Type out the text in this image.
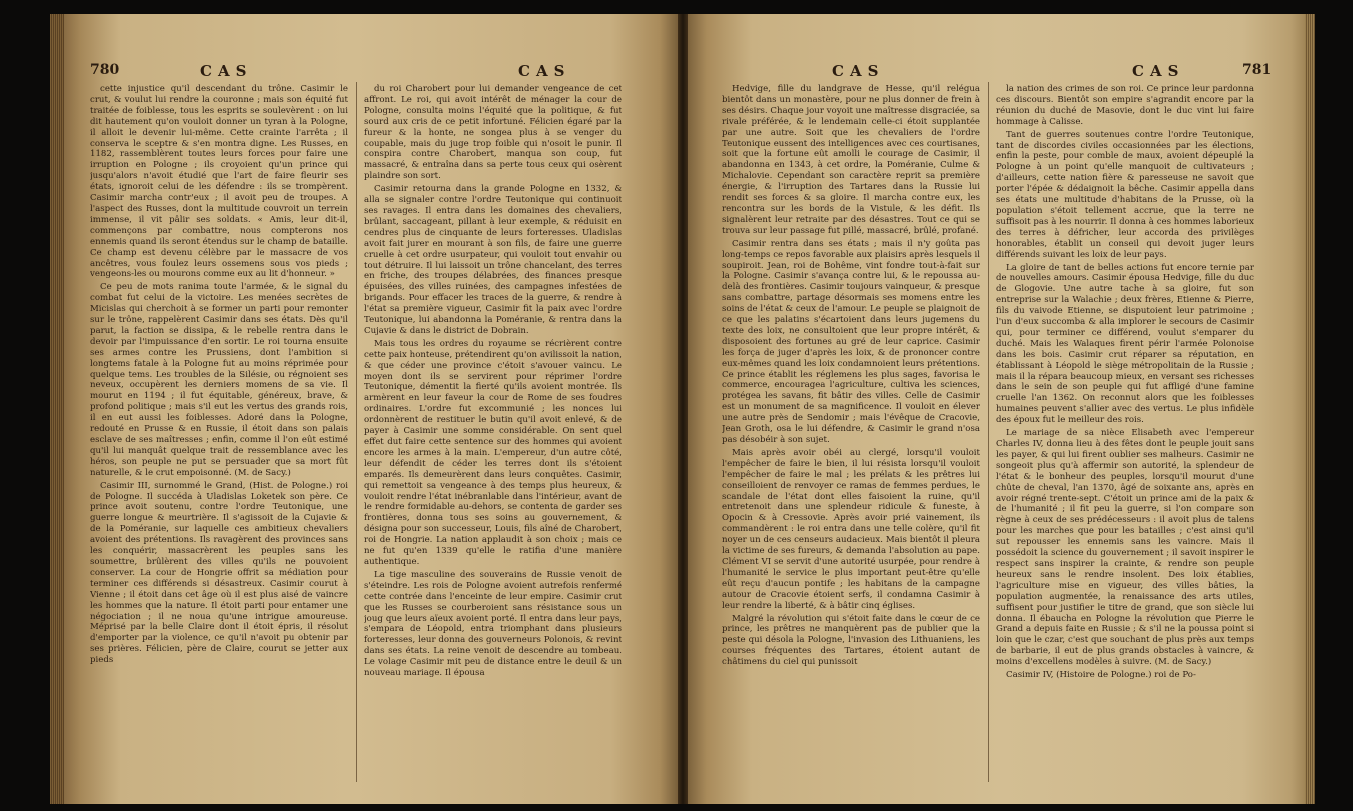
780	CAS	CAS

cette injustice qu'il descendant du trône. Casimir le crut, & voulut lui rendre la couronne ; mais son équité fut traitée de foiblesse, tous les esprits se soulevèrent : on lui dit hautement qu'on vouloit donner un tyran à la Pologne, il alloit le devenir lui-même. Cette crainte l'arrêta ; il conserva le sceptre & s'en montra digne. Les Russes, en 1182, rassemblèrent toutes leurs forces pour faire une irruption en Pologne ; ils croyoient qu'un prince qui jusqu'alors n'avoit étudié que l'art de faire fleurir ses états, ignoroit celui de les défendre : ils se trompèrent. Casimir marcha contr'eux ; il avoit peu de troupes. A l'aspect des Russes, dont la multitude couvroit un terrein immense, il vit pâlir ses soldats. « Amis, leur dit-il, commençons par combattre, nous compterons nos ennemis quand ils seront étendus sur le champ de bataille. Ce champ est devenu célèbre par le massacre de vos ancêtres, vous foulez leurs ossemens sous vos pieds ; vengeons-les ou mourons comme eux au lit d'honneur. »

Ce peu de mots ranima toute l'armée, & le signal du combat fut celui de la victoire. Les menées secrètes de Micislas qui cherchoit à se former un parti pour remonter sur le trône, rappelèrent Casimir dans ses états. Dès qu'il parut, la faction se dissipa, & le rebelle rentra dans le devoir par l'impuissance d'en sortir. Le roi tourna ensuite ses armes contre les Prussiens, dont l'ambition si longtems fatale à la Pologne fut au moins réprimée pour quelque tems. Les troubles de la Silésie, ou régnoient ses neveux, occupèrent les derniers momens de sa vie. Il mourut en 1194 ; il fut équitable, généreux, brave, & profond politique ; mais s'il eut les vertus des grands rois, il en eut aussi les foiblesses. Adoré dans la Pologne, redouté en Prusse & en Russie, il étoit dans son palais esclave de ses maîtresses ; enfin, comme il l'on eût estimé qu'il lui manquât quelque trait de ressemblance avec les héros, son peuple ne put se persuader que sa mort fût naturelle, & le crut empoisonné. (M. de Sacy.)

Casimir III, surnommé le Grand, (Hist. de Pologne.) roi de Pologne. Il succéda à Uladislas Loketek son père. Ce prince avoit soutenu, contre l'ordre Teutonique, une guerre longue & meurtrière. Il s'agissoit de la Cujavie & de la Poméranie, sur laquelle ces ambitieux chevaliers avoient des prétentions. Ils ravagèrent des provinces sans les conquérir, massacrèrent les peuples sans les soumettre, brûlèrent des villes qu'ils ne pouvoient conserver. La cour de Hongrie offrit sa médiation pour terminer ces différends si désastreux. Casimir courut à Vienne ; il étoit dans cet âge où il est plus aisé de vaincre les hommes que la nature. Il étoit parti pour entamer une négociation ; il ne noua qu'une intrigue amoureuse. Méprisé par la belle Claire dont il étoit épris, il résolut d'emporter par la violence, ce qu'il n'avoit pu obtenir par ses prières. Félicien, père de Claire, courut se jetter aux pieds

du roi Charobert pour lui demander vengeance de cet affront. Le roi, qui avoit intérêt de ménager la cour de Pologne, consulta moins l'équité que la politique, & fut sourd aux cris de ce petit infortuné. Félicien égaré par la fureur & la honte, ne songea plus à se venger du coupable, mais du juge trop foible qui n'osoit le punir. Il conspira contre Charobert, manqua son coup, fut massacré, & entraîna dans sa perte tous ceux qui osèrent plaindre son sort.

Casimir retourna dans la grande Pologne en 1332, & alla se signaler contre l'ordre Teutonique qui continuoit ses ravages. Il entra dans les domaines des chevaliers, brûlant, saccageant, pillant à leur exemple, & réduisit en cendres plus de cinquante de leurs forteresses. Uladislas avoit fait jurer en mourant à son fils, de faire une guerre cruelle à cet ordre usurpateur, qui vouloit tout envahir ou tout détruire. Il lui laissoit un trône chancelant, des terres en friche, des troupes délabrées, des finances presque épuisées, des villes ruinées, des campagnes infestées de brigands. Pour effacer les traces de la guerre, & rendre à l'état sa première vigueur, Casimir fit la paix avec l'ordre Teutonique, lui abandonna la Poméranie, & rentra dans la Cujavie & dans le district de Dobrain.

Mais tous les ordres du royaume se récrièrent contre cette paix honteuse, prétendirent qu'on avilissoit la nation, & que céder une province c'étoit s'avouer vaincu. Le moyen dont ils se servirent pour réprimer l'ordre Teutonique, démentit la fierté qu'ils avoient montrée. Ils armèrent en leur faveur la cour de Rome de ses foudres ordinaires. L'ordre fut excommunié ; les nonces lui ordonnèrent de restituer le butin qu'il avoit enlevé, & de payer à Casimir une somme considérable. On sent quel effet dut faire cette sentence sur des hommes qui avoient encore les armes à la main. L'empereur, d'un autre côté, leur défendit de céder les terres dont ils s'étoient emparés. Ils demeurèrent dans leurs conquêtes. Casimir, qui remettoit sa vengeance à des temps plus heureux, & vouloit rendre l'état inébranlable dans l'intérieur, avant de le rendre formidable au-dehors, se contenta de garder ses frontières, donna tous ses soins au gouvernement, & désigna pour son successeur, Louis, fils aîné de Charobert, roi de Hongrie. La nation applaudit à son choix ; mais ce ne fut qu'en 1339 qu'elle le ratifia d'une manière authentique.

La tige masculine des souverains de Russie venoit de s'éteindre. Les rois de Pologne avoient autrefois renfermé cette contrée dans l'enceinte de leur empire. Casimir crut que les Russes se courberoient sans résistance sous un joug que leurs aïeux avoient porté. Il entra dans leur pays, s'empara de Léopold, entra triomphant dans plusieurs forteresses, leur donna des gouverneurs Polonois, & revint dans ses états. La reine venoit de descendre au tombeau. Le volage Casimir mit peu de distance entre le deuil & un nouveau mariage. Il épousa

CAS	CAS	781

Hedvige, fille du landgrave de Hesse, qu'il relégua bientôt dans un monastère, pour ne plus donner de frein à ses désirs. Chaque jour voyoit une maîtresse disgraciée, sa rivale préférée, & le lendemain celle-ci étoit supplantée par une autre. Soit que les chevaliers de l'ordre Teutonique eussent des intelligences avec ces courtisanes, soit que la fortune eût amolli le courage de Casimir, il abandonna en 1343, à cet ordre, la Poméranie, Culme & Michalovie. Cependant son caractère reprit sa première énergie, & l'irruption des Tartares dans la Russie lui rendit ses forces & sa gloire. Il marcha contre eux, les rencontra sur les bords de la Vistule, & les défit. Ils signalèrent leur retraite par des désastres. Tout ce qui se trouva sur leur passage fut pillé, massacré, brûlé, profané.

Casimir rentra dans ses états ; mais il n'y goûta pas long-temps ce repos favorable aux plaisirs après lesquels il soupiroit. Jean, roi de Bohême, vint fondre tout-à-fait sur la Pologne. Casimir s'avança contre lui, & le repoussa au-delà des frontières. Casimir toujours vainqueur, & presque sans combattre, partage désormais ses momens entre les soins de l'état & ceux de l'amour. Le peuple se plaignoit de ce que les palatins s'écartoient dans leurs jugemens du texte des loix, ne consultoient que leur propre intérêt, & disposoient des fortunes au gré de leur caprice. Casimir les força de juger d'après les loix, & de prononcer contre eux-mêmes quand les loix condamnoient leurs prétentions. Ce prince établit les réglemens les plus sages, favorisa le commerce, encouragea l'agriculture, cultiva les sciences, protégea les savans, fit bâtir des villes. Celle de Casimir est un monument de sa magnificence. Il vouloit en élever une autre près de Sendomir ; mais l'évêque de Cracovie, Jean Groth, osa le lui défendre, & Casimir le grand n'osa pas désobéir à son sujet.

Mais après avoir obéi au clergé, lorsqu'il vouloit l'empêcher de faire le bien, il lui résista lorsqu'il vouloit l'empêcher de faire le mal ; les prélats & les prêtres lui conseilloient de renvoyer ce ramas de femmes perdues, le scandale de l'état dont elles faisoient la ruine, qu'il entretenoit dans une splendeur ridicule & funeste, à Opocin & à Cressovie. Après avoir prié vainement, ils commandèrent : le roi entra dans une telle colère, qu'il fit noyer un de ces censeurs audacieux. Mais bientôt il pleura la victime de ses fureurs, & demanda l'absolution au pape. Clément VI se servit d'une autorité usurpée, pour rendre à l'humanité le service le plus important peut-être qu'elle eût reçu d'aucun pontife ; les habitans de la campagne autour de Cracovie étoient serfs, il condamna Casimir à leur rendre la liberté, & à bâtir cinq églises.

Malgré la révolution qui s'étoit faite dans le cœur de ce prince, les prêtres ne manquèrent pas de publier que la peste qui désola la Pologne, l'invasion des Lithuaniens, les courses fréquentes des Tartares, étoient autant de châtimens du ciel qui punissoit

la nation des crimes de son roi. Ce prince leur pardonna ces discours. Bientôt son empire s'agrandit encore par la réunion du duché de Masovie, dont le duc vint lui faire hommage à Calisse.

Tant de guerres soutenues contre l'ordre Teutonique, tant de discordes civiles occasionnées par les élections, enfin la peste, pour comble de maux, avoient dépeuplé la Pologne à un point qu'elle manquoit de cultivateurs ; d'ailleurs, cette nation fière & paresseuse ne savoit que porter l'épée & dédaignoit la bêche. Casimir appella dans ses états une multitude d'habitans de la Prusse, où la population s'étoit tellement accrue, que la terre ne suffisoit pas à les nourrir. Il donna à ces hommes laborieux des terres à défricher, leur accorda des privilèges honorables, établit un conseil qui devoit juger leurs différends suivant les loix de leur pays.

La gloire de tant de belles actions fut encore ternie par de nouvelles amours. Casimir épousa Hedvige, fille du duc de Glogovie. Une autre tache à sa gloire, fut son entreprise sur la Walachie ; deux frères, Etienne & Pierre, fils du vaivode Etienne, se disputoient leur patrimoine ; l'un d'eux succomba & alla implorer le secours de Casimir qui, pour terminer ce différend, voulut s'emparer du duché. Mais les Walaques firent périr l'armée Polonoise dans les bois. Casimir crut réparer sa réputation, en établissant à Léopold le siège métropolitain de la Russie ; mais il la répara beaucoup mieux, en versant ses richesses dans le sein de son peuple qui fut affligé d'une famine cruelle l'an 1362. On reconnut alors que les foiblesses humaines peuvent s'allier avec des vertus. Le plus infidèle des époux fut le meilleur des rois.

Le mariage de sa nièce Elisabeth avec l'empereur Charles IV, donna lieu à des fêtes dont le peuple jouit sans les payer, & qui lui firent oublier ses malheurs. Casimir ne songeoit plus qu'à affermir son autorité, la splendeur de l'état & le bonheur des peuples, lorsqu'il mourut d'une chûte de cheval, l'an 1370, âgé de soixante ans, après en avoir régné trente-sept. C'étoit un prince ami de la paix & de l'humanité ; il fit peu la guerre, si l'on compare son règne à ceux de ses prédécesseurs : il avoit plus de talens pour les marches que pour les batailles ; c'est ainsi qu'il sut repousser les ennemis sans les vaincre. Mais il possédoit la science du gouvernement ; il savoit inspirer le respect sans inspirer la crainte, & rendre son peuple heureux sans le rendre insolent. Des loix établies, l'agriculture mise en vigueur, des villes bâties, la population augmentée, la renaissance des arts utiles, suffisent pour justifier le titre de grand, que son siècle lui donna. Il ébaucha en Pologne la révolution que Pierre le Grand a depuis faite en Russie ; & s'il ne la poussa point si loin que le czar, c'est que souchant de plus près aux temps de barbarie, il eut de plus grands obstacles à vaincre, & moins d'excellens modèles à suivre. (M. de Sacy.)

Casimir IV, (Histoire de Pologne.) roi de Po-
